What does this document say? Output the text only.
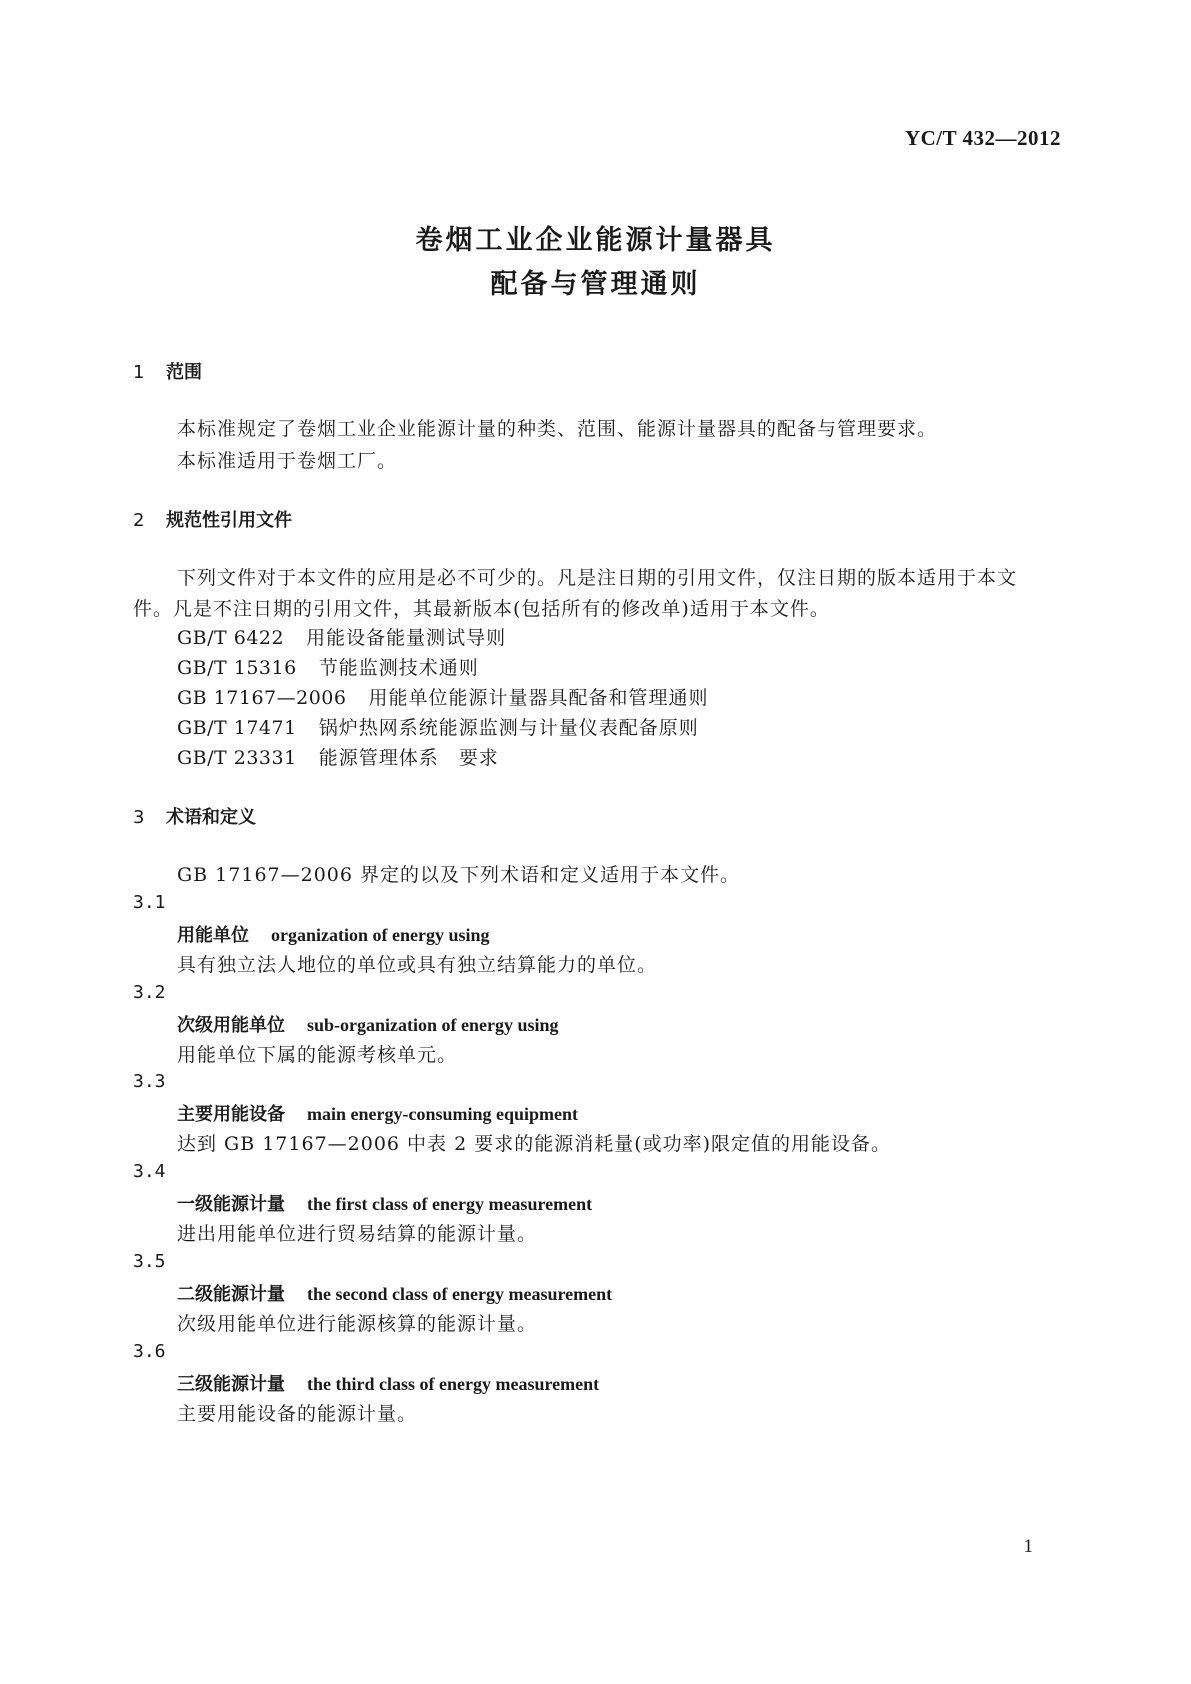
YC/T 432—2012
卷烟工业企业能源计量器具
配备与管理通则
1 范围
本标准规定了卷烟工业企业能源计量的种类、范围、能源计量器具的配备与管理要求。
本标准适用于卷烟工厂。
2 规范性引用文件
下列文件对于本文件的应用是必不可少的。凡是注日期的引用文件，仅注日期的版本适用于本文
件。凡是不注日期的引用文件，其最新版本(包括所有的修改单)适用于本文件。
GB/T 6422 用能设备能量测试导则
GB/T 15316 节能监测技术通则
GB 17167—2006 用能单位能源计量器具配备和管理通则
GB/T 17471 锅炉热网系统能源监测与计量仪表配备原则
GB/T 23331 能源管理体系　要求
3 术语和定义
GB 17167—2006 界定的以及下列术语和定义适用于本文件。
3.1
用能单位 organization of energy using
具有独立法人地位的单位或具有独立结算能力的单位。
3.2
次级用能单位 sub-organization of energy using
用能单位下属的能源考核单元。
3.3
主要用能设备 main energy-consuming equipment
达到 GB 17167—2006 中表 2 要求的能源消耗量(或功率)限定值的用能设备。
3.4
一级能源计量 the first class of energy measurement
进出用能单位进行贸易结算的能源计量。
3.5
二级能源计量 the second class of energy measurement
次级用能单位进行能源核算的能源计量。
3.6
三级能源计量 the third class of energy measurement
主要用能设备的能源计量。
1
